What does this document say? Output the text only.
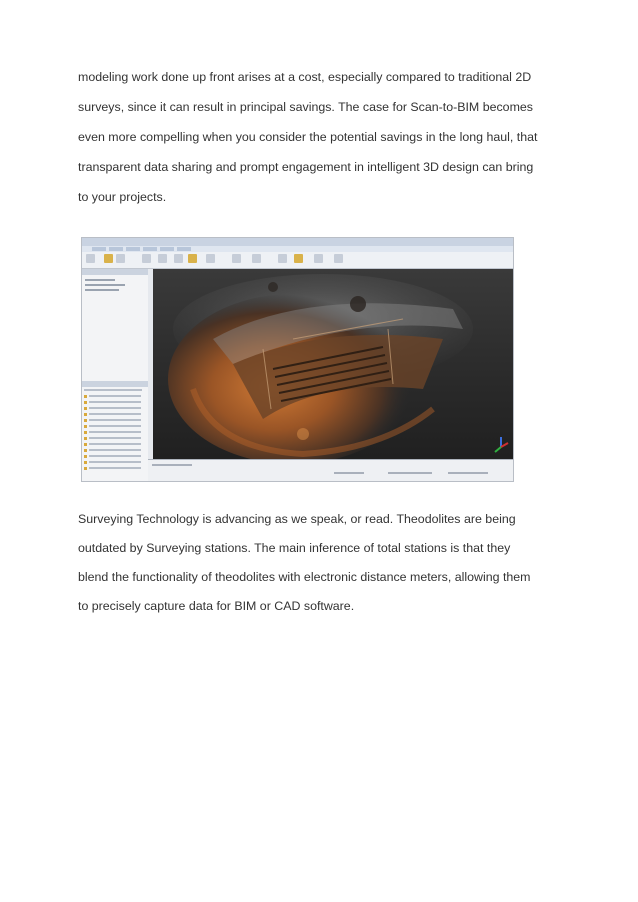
modeling work done up front arises at a cost, especially compared to traditional 2D
surveys, since it can result in principal savings. The case for Scan-to-BIM becomes
even more compelling when you consider the potential savings in the long haul, that
transparent data sharing and prompt engagement in intelligent 3D design can bring
to your projects.
Surveying Technology is advancing as we speak, or read. Theodolites are being
outdated by Surveying stations. The main inference of total stations is that they
blend the functionality of theodolites with electronic distance meters, allowing them
to precisely capture data for BIM or CAD software.
